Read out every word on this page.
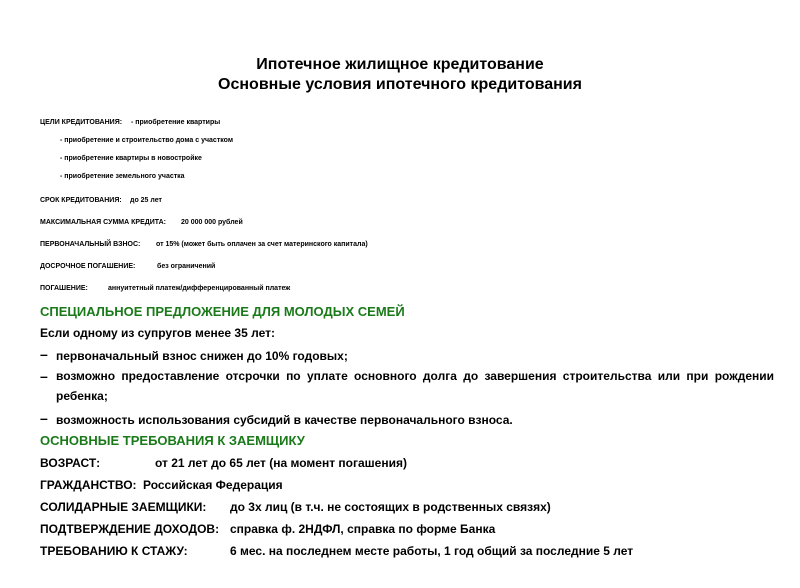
Ипотечное жилищное кредитование
Основные условия ипотечного кредитования
ЦЕЛИ КРЕДИТОВАНИЯ: - приобретение квартиры
- приобретение и строительство дома с участком
- приобретение квартиры в новостройке
- приобретение земельного участка
СРОК КРЕДИТОВАНИЯ: до 25 лет
МАКСИМАЛЬНАЯ СУММА КРЕДИТА: 20 000 000 рублей
ПЕРВОНАЧАЛЬНЫЙ ВЗНОС: от 15% (может быть оплачен за счет материнского капитала)
ДОСРОЧНОЕ ПОГАШЕНИЕ:	без ограничений
ПОГАШЕНИЕ:	аннуитетный платеж/дифференцированный платеж
СПЕЦИАЛЬНОЕ ПРЕДЛОЖЕНИЕ ДЛЯ МОЛОДЫХ СЕМЕЙ
Если одному из супругов менее 35 лет:
– первоначальный взнос снижен до 10% годовых;
– возможно предоставление отсрочки по уплате основного долга до завершения строительства или при рождении ребенка;
– возможность использования субсидий в качестве первоначального взноса.
ОСНОВНЫЕ ТРЕБОВАНИЯ К ЗАЕМЩИКУ
ВОЗРАСТ:	от 21 лет до 65 лет (на момент погашения)
ГРАЖДАНСТВО: Российская Федерация
СОЛИДАРНЫЕ ЗАЕМЩИКИ: до 3х лиц (в т.ч. не состоящих в родственных связях)
ПОДТВЕРЖДЕНИЕ ДОХОДОВ: справка ф. 2НДФЛ, справка по форме Банка
ТРЕБОВАНИЮ К СТАЖУ:	6 мес. на последнем месте работы, 1 год общий за последние 5 лет
